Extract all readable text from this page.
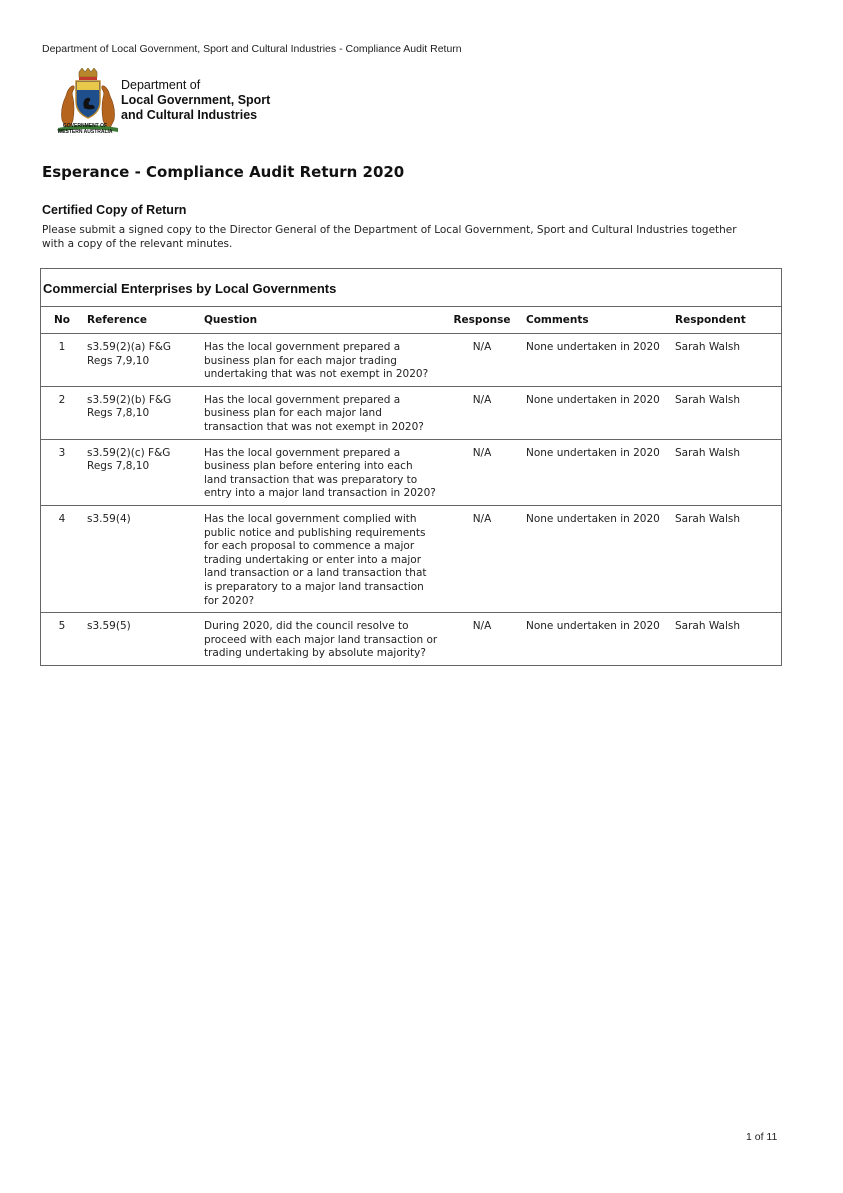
Department of Local Government, Sport and Cultural Industries - Compliance Audit Return
Department of
Local Government, Sport
and Cultural Industries
GOVERNMENT OF
WESTERN AUSTRALIA
Esperance - Compliance Audit Return 2020
Certified Copy of Return

Please submit a signed copy to the Director General of the Department of Local Government, Sport and Cultural Industries together with a copy of the relevant minutes.

Commercial Enterprises by Local Governments
No	Reference	Question	Response	Comments	Respondent
1	s3.59(2)(a) F&G Regs 7,9,10	Has the local government prepared a business plan for each major trading undertaking that was not exempt in 2020?	N/A	None undertaken in 2020	Sarah Walsh
2	s3.59(2)(b) F&G Regs 7,8,10	Has the local government prepared a business plan for each major land transaction that was not exempt in 2020?	N/A	None undertaken in 2020	Sarah Walsh
3	s3.59(2)(c) F&G Regs 7,8,10	Has the local government prepared a business plan before entering into each land transaction that was preparatory to entry into a major land transaction in 2020?	N/A	None undertaken in 2020	Sarah Walsh
4	s3.59(4)	Has the local government complied with public notice and publishing requirements for each proposal to commence a major trading undertaking or enter into a major land transaction or a land transaction that is preparatory to a major land transaction for 2020?	N/A	None undertaken in 2020	Sarah Walsh
5	s3.59(5)	During 2020, did the council resolve to proceed with each major land transaction or trading undertaking by absolute majority?	N/A	None undertaken in 2020	Sarah Walsh
1 of 11
